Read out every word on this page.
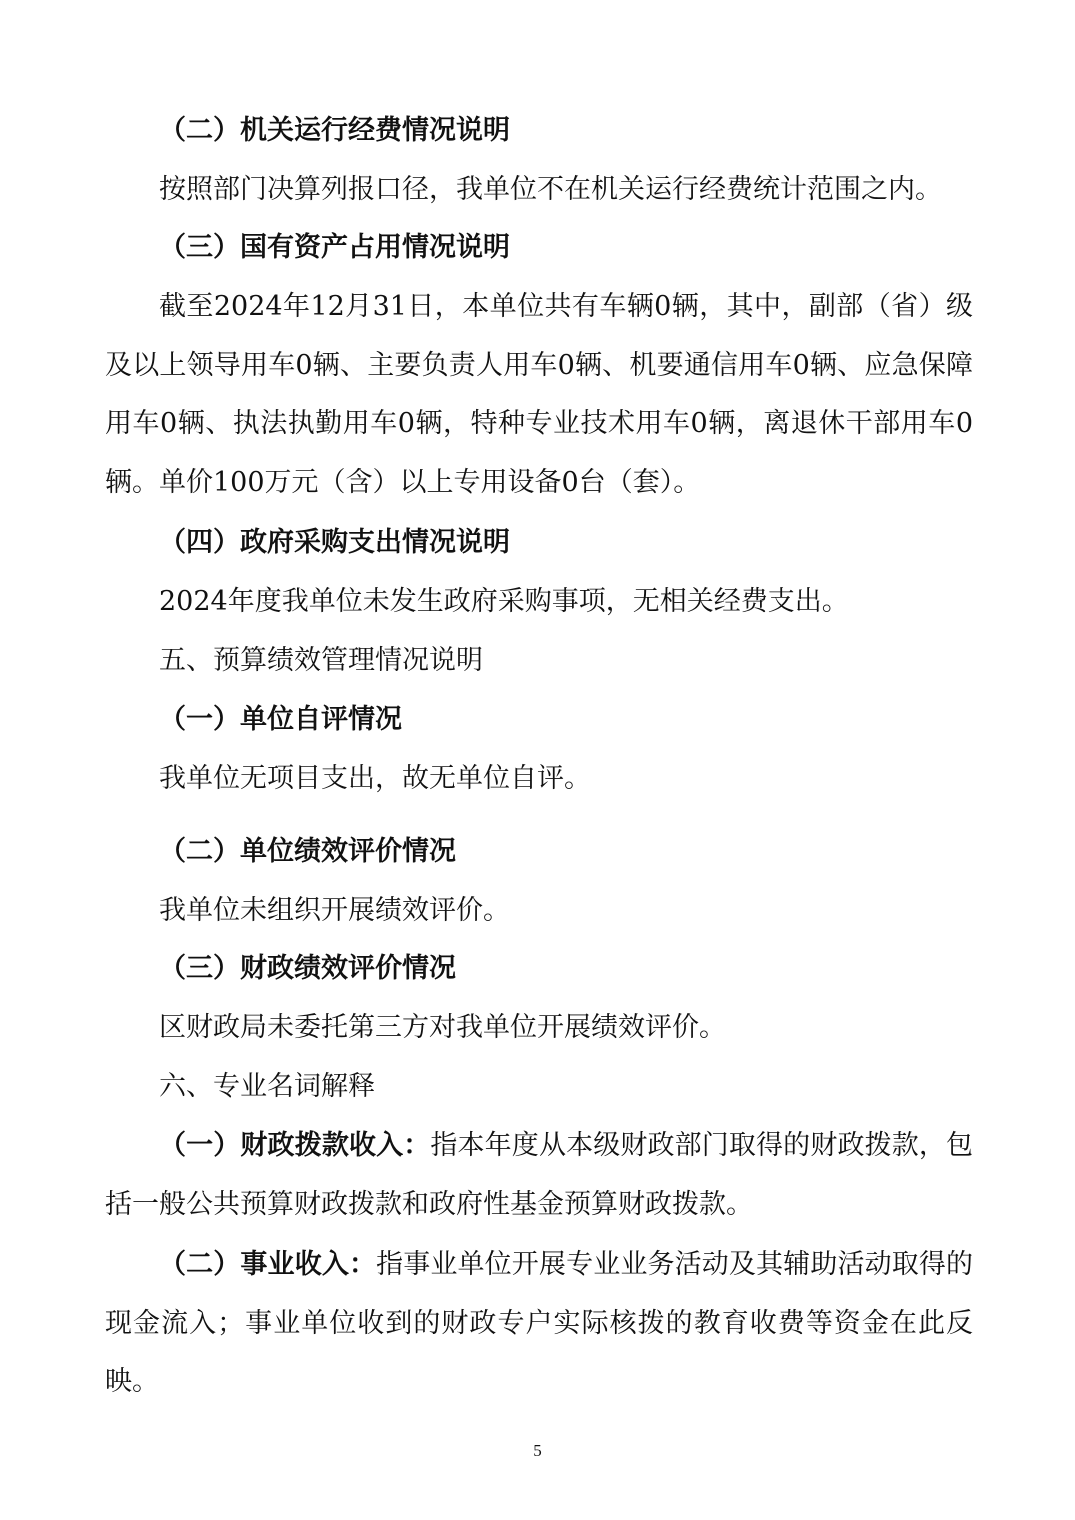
（二）机关运行经费情况说明

按照部门决算列报口径，我单位不在机关运行经费统计范围之内。

（三）国有资产占用情况说明

截至2024年12月31日，本单位共有车辆0辆，其中，副部（省）级及以上领导用车0辆、主要负责人用车0辆、机要通信用车0辆、应急保障用车0辆、执法执勤用车0辆，特种专业技术用车0辆，离退休干部用车0辆。单价100万元（含）以上专用设备0台（套）。

（四）政府采购支出情况说明

2024年度我单位未发生政府采购事项，无相关经费支出。

五、预算绩效管理情况说明

（一）单位自评情况

我单位无项目支出，故无单位自评。

（二）单位绩效评价情况

我单位未组织开展绩效评价。

（三）财政绩效评价情况

区财政局未委托第三方对我单位开展绩效评价。

六、专业名词解释

（一）财政拨款收入：指本年度从本级财政部门取得的财政拨款，包括一般公共预算财政拨款和政府性基金预算财政拨款。

（二）事业收入：指事业单位开展专业业务活动及其辅助活动取得的现金流入；事业单位收到的财政专户实际核拨的教育收费等资金在此反映。

5
